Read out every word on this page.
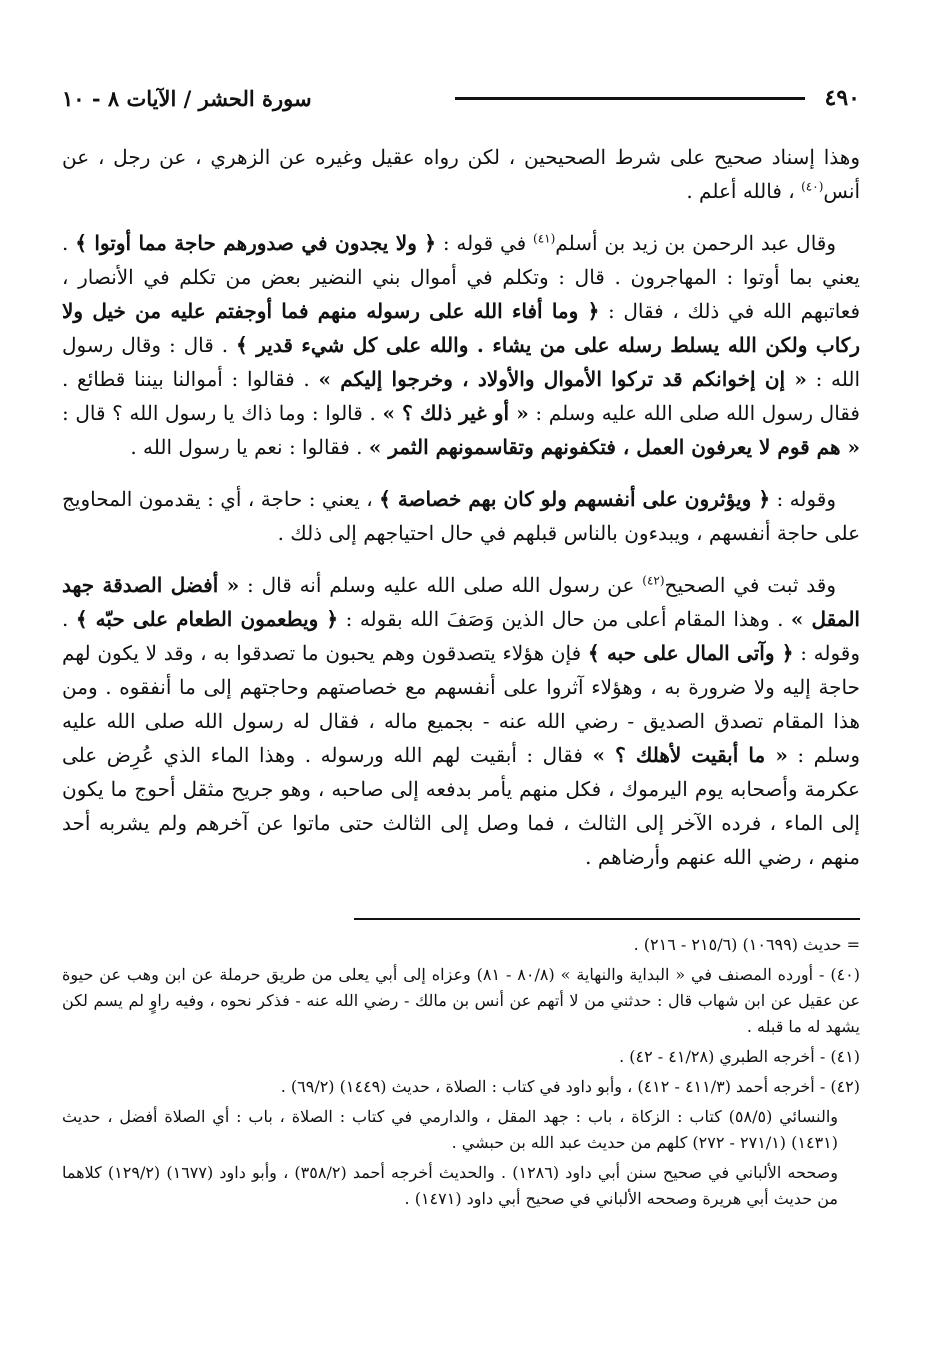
٤٩٠
سورة الحشر / الآيات ٨ - ١٠

وهذا إسناد صحيح على شرط الصحيحين ، لكن رواه عقيل وغيره عن الزهري ، عن رجل ، عن أنس$^{(٤٠)}$ ، فالله أعلم .

وقال عبد الرحمن بن زيد بن أسلم$^{(٤١)}$ في قوله : ﴿ ولا يجدون في صدورهم حاجة مما أوتوا ﴾ . يعني بما أوتوا : المهاجرون . قال : وتكلم في أموال بني النضير بعض من تكلم في الأنصار ، فعاتبهم الله في ذلك ، فقال : ﴿ وما أفاء الله على رسوله منهم فما أوجفتم عليه من خيل ولا ركاب ولكن الله يسلط رسله على من يشاء . والله على كل شيء قدير ﴾ . قال : وقال رسول الله : « إن إخوانكم قد تركوا الأموال والأولاد ، وخرجوا إليكم » . فقالوا : أموالنا بيننا قطائع . فقال رسول الله صلى الله عليه وسلم : « أو غير ذلك ؟ » . قالوا : وما ذاك يا رسول الله ؟ قال : « هم قوم لا يعرفون العمل ، فتكفونهم وتقاسمونهم الثمر » . فقالوا : نعم يا رسول الله .

وقوله : ﴿ ويؤثرون على أنفسهم ولو كان بهم خصاصة ﴾ ، يعني : حاجة ، أي : يقدمون المحاويج على حاجة أنفسهم ، ويبدءون بالناس قبلهم في حال احتياجهم إلى ذلك .

وقد ثبت في الصحيح$^{(٤٢)}$ عن رسول الله صلى الله عليه وسلم أنه قال : « أفضل الصدقة جهد المقل » . وهذا المقام أعلى من حال الذين وَصَفَ الله بقوله : ﴿ ويطعمون الطعام على حبّه ﴾ . وقوله : ﴿ وآتى المال على حبه ﴾ فإن هؤلاء يتصدقون وهم يحبون ما تصدقوا به ، وقد لا يكون لهم حاجة إليه ولا ضرورة به ، وهؤلاء آثروا على أنفسهم مع خصاصتهم وحاجتهم إلى ما أنفقوه . ومن هذا المقام تصدق الصديق - رضي الله عنه - بجميع ماله ، فقال له رسول الله صلى الله عليه وسلم : « ما أبقيت لأهلك ؟ » فقال : أبقيت لهم الله ورسوله . وهذا الماء الذي عُرِض على عكرمة وأصحابه يوم اليرموك ، فكل منهم يأمر بدفعه إلى صاحبه ، وهو جريح مثقل أحوج ما يكون إلى الماء ، فرده الآخر إلى الثالث ، فما وصل إلى الثالث حتى ماتوا عن آخرهم ولم يشربه أحد منهم ، رضي الله عنهم وأرضاهم .

= حديث (١٠٦٩٩) (٢١٥/٦ - ٢١٦) .

(٤٠) - أورده المصنف في « البداية والنهاية » (٨٠/٨ - ٨١) وعزاه إلى أبي يعلى من طريق حرملة عن ابن وهب عن حيوة عن عقيل عن ابن شهاب قال : حدثني من لا أتهم عن أنس بن مالك - رضي الله عنه - فذكر نحوه ، وفيه راوٍ لم يسم لكن يشهد له ما قبله .

(٤١) - أخرجه الطبري (٤١/٢٨ - ٤٢) .

(٤٢) - أخرجه أحمد (٤١١/٣ - ٤١٢) ، وأبو داود في كتاب : الصلاة ، حديث (١٤٤٩) (٦٩/٢) .

والنسائي (٥٨/٥) كتاب : الزكاة ، باب : جهد المقل ، والدارمي في كتاب : الصلاة ، باب : أي الصلاة أفضل ، حديث (١٤٣١) (٢٧١/١ - ٢٧٢) كلهم من حديث عبد الله بن حبشي .

وصححه الألباني في صحيح سنن أبي داود (١٢٨٦) . والحديث أخرجه أحمد (٣٥٨/٢) ، وأبو داود (١٦٧٧) (١٢٩/٢) كلاهما من حديث أبي هريرة وصححه الألباني في صحيح أبي داود (١٤٧١) .
